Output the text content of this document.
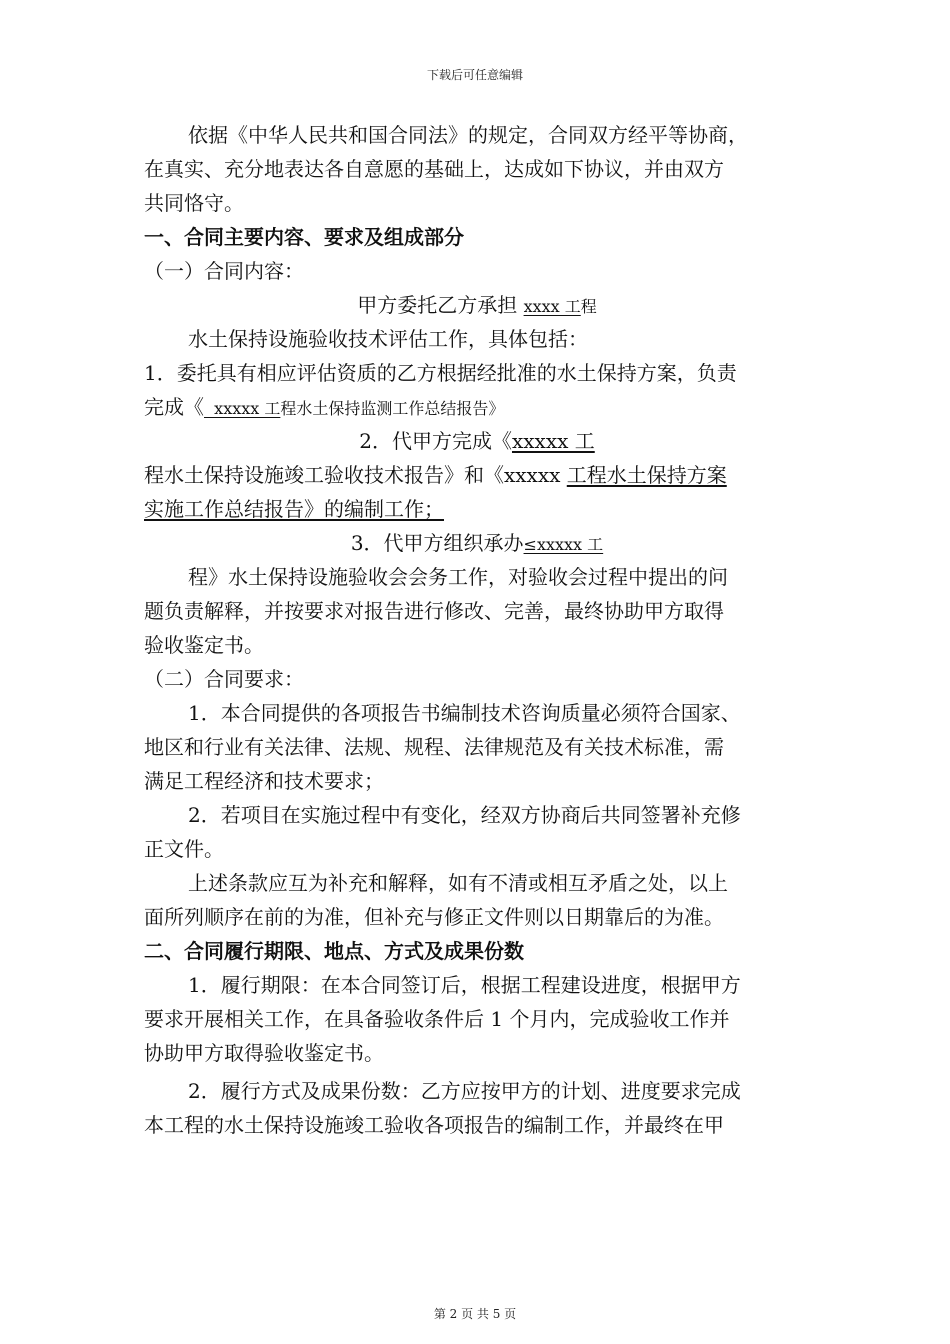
下载后可任意编辑
依据《中华人民共和国合同法》的规定，合同双方经平等协商，
在真实、充分地表达各自意愿的基础上，达成如下协议，并由双方
共同恪守。
一、合同主要内容、要求及组成部分
（一）合同内容：
甲方委托乙方承担 xxxx 工程
水土保持设施验收技术评估工作，具体包括：
1．委托具有相应评估资质的乙方根据经批准的水土保持方案，负责
完成《  xxxxx 工程水土保持监测工作总结报告》
2．代甲方完成《xxxxx 工
程水土保持设施竣工验收技术报告》和《xxxxx 工程水土保持方案
实施工作总结报告》的编制工作；
3．代甲方组织承办≤xxxxx 工
程》水土保持设施验收会会务工作，对验收会过程中提出的问
题负责解释，并按要求对报告进行修改、完善，最终协助甲方取得
验收鉴定书。
（二）合同要求：
1．本合同提供的各项报告书编制技术咨询质量必须符合国家、
地区和行业有关法律、法规、规程、法律规范及有关技术标准，需
满足工程经济和技术要求；
2．若项目在实施过程中有变化，经双方协商后共同签署补充修
正文件。
上述条款应互为补充和解释，如有不清或相互矛盾之处，以上
面所列顺序在前的为准，但补充与修正文件则以日期靠后的为准。
二、合同履行期限、地点、方式及成果份数
1．履行期限：在本合同签订后，根据工程建设进度，根据甲方
要求开展相关工作，在具备验收条件后 1 个月内，完成验收工作并
协助甲方取得验收鉴定书。
2．履行方式及成果份数：乙方应按甲方的计划、进度要求完成
本工程的水土保持设施竣工验收各项报告的编制工作，并最终在甲
第 2 页 共 5 页
